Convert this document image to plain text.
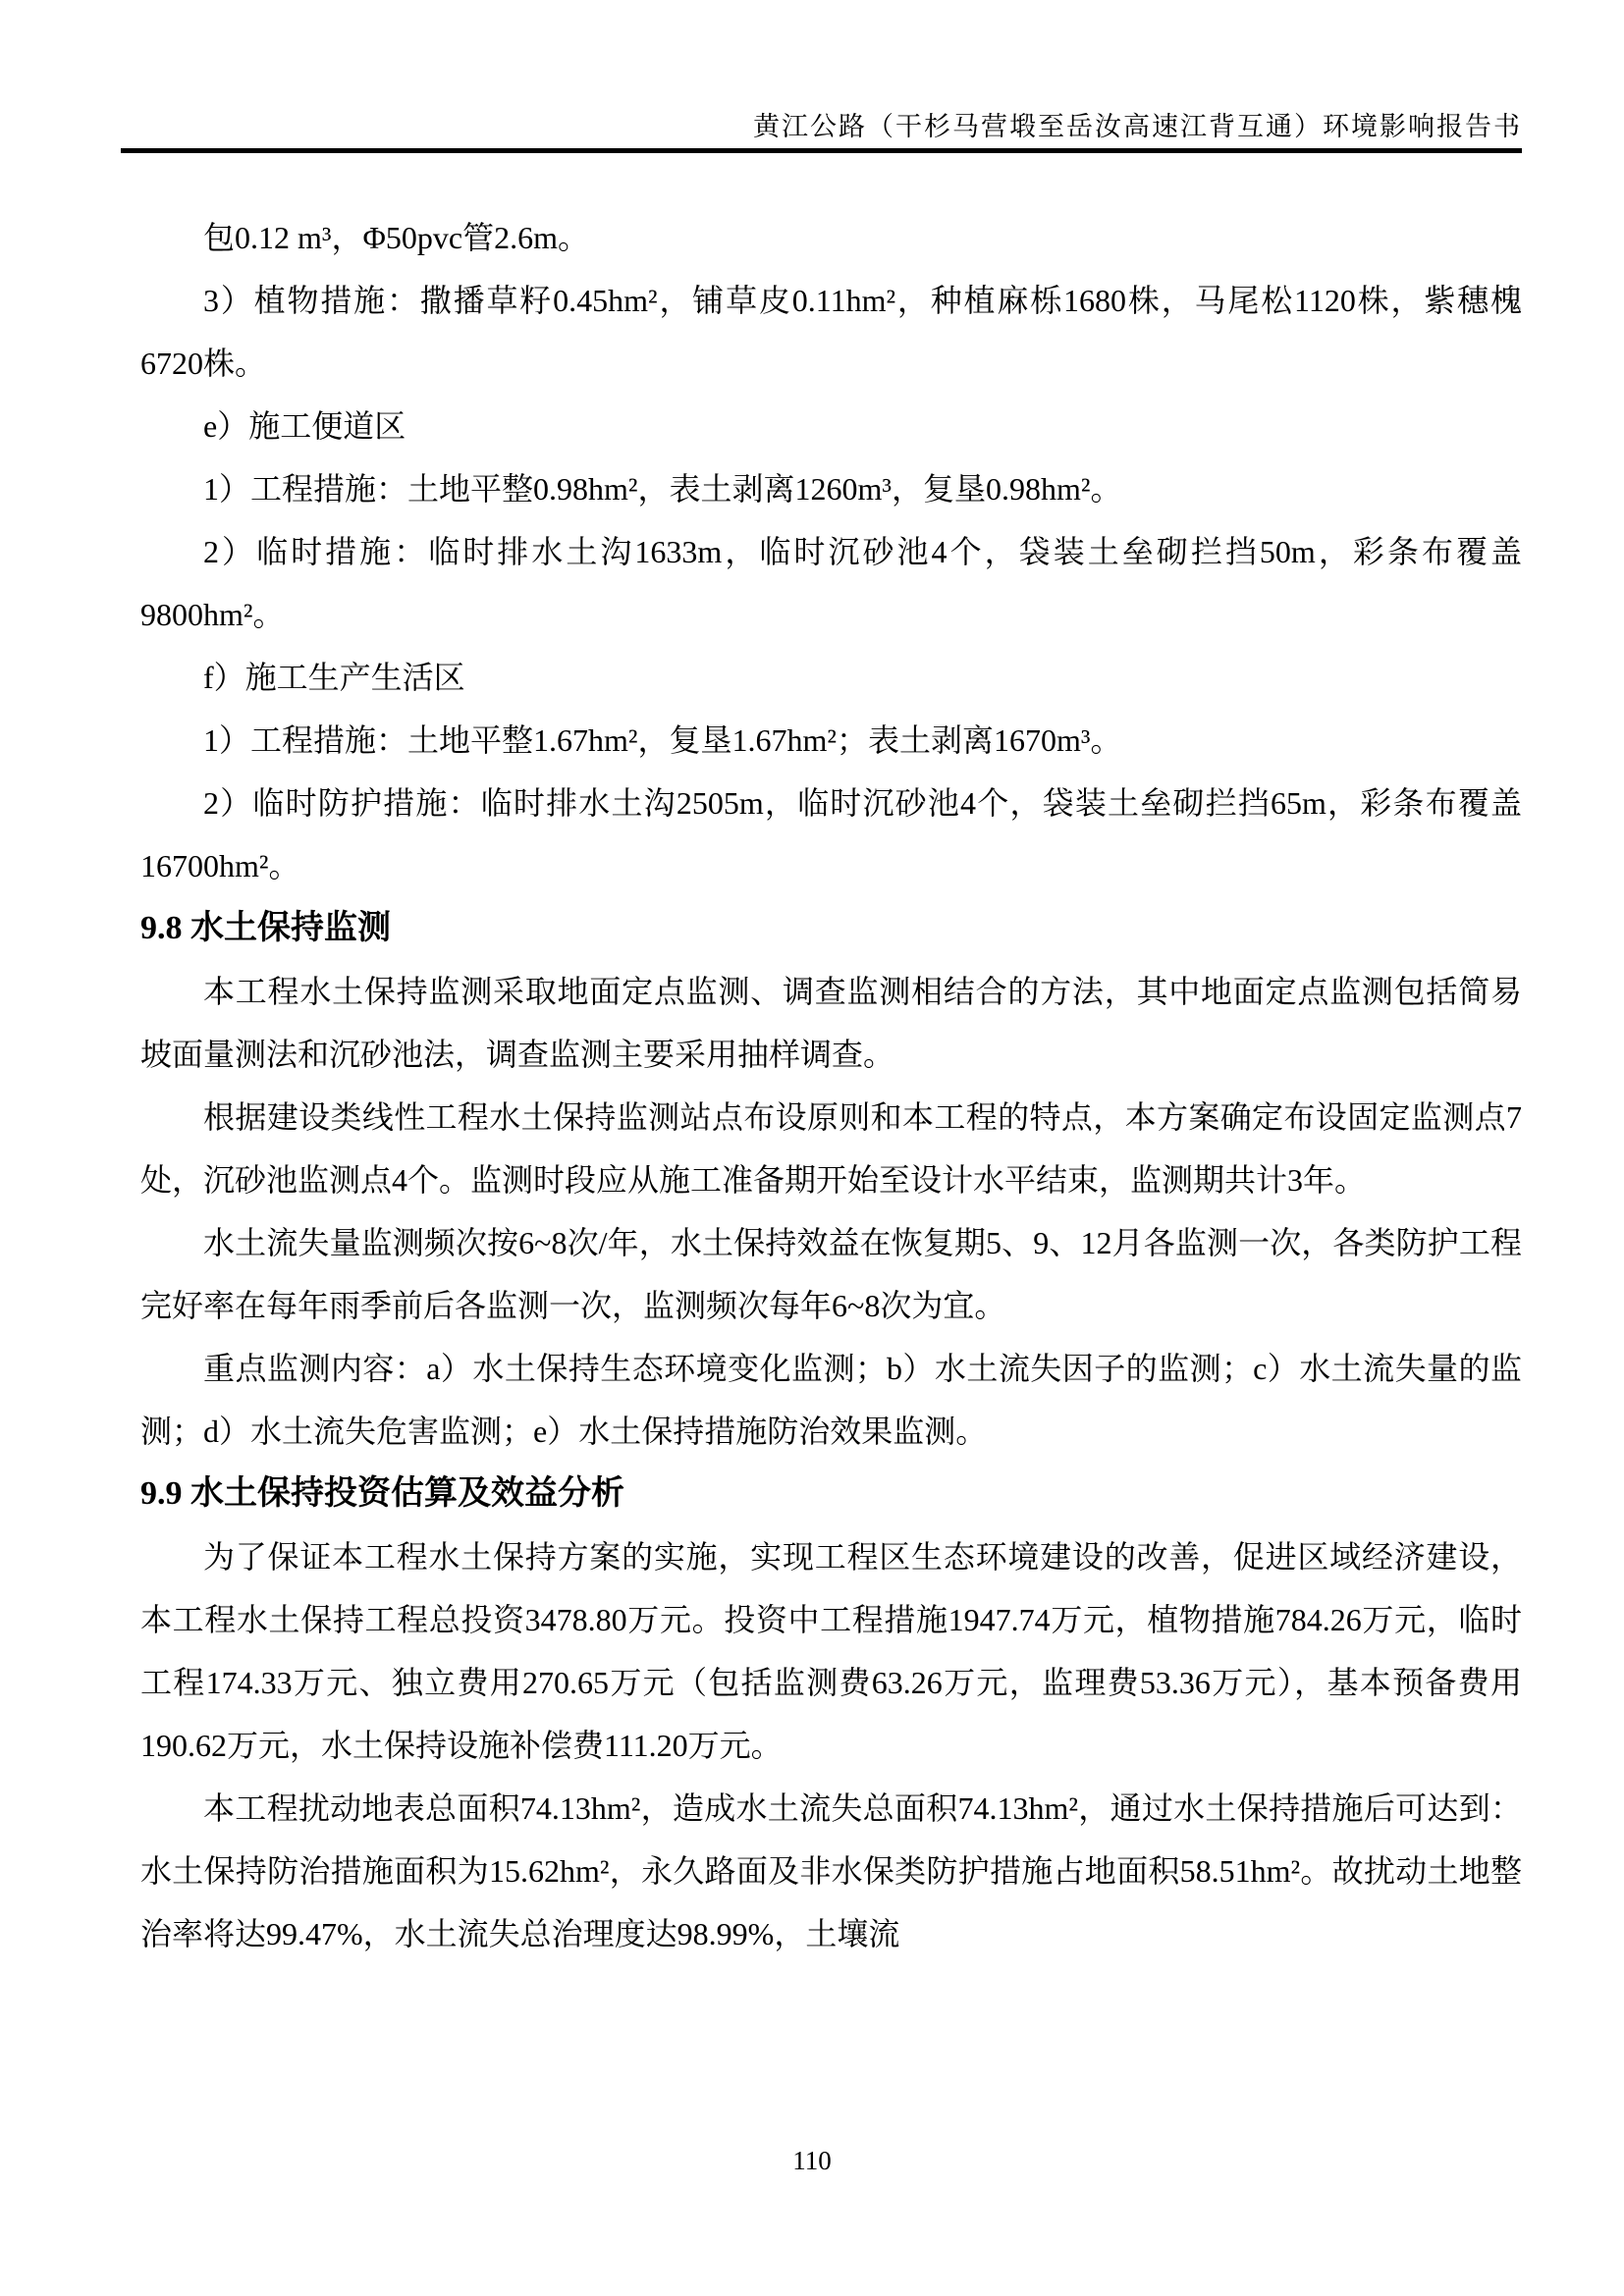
黄江公路（干杉马营塅至岳汝高速江背互通）环境影响报告书

包0.12 m³，Φ50pvc管2.6m。

3）植物措施：撒播草籽0.45hm²，铺草皮0.11hm²，种植麻栎1680株，马尾松1120株，紫穗槐6720株。

e）施工便道区

1）工程措施：土地平整0.98hm²，表土剥离1260m³，复垦0.98hm²。

2）临时措施：临时排水土沟1633m，临时沉砂池4个，袋装土垒砌拦挡50m，彩条布覆盖9800hm²。

f）施工生产生活区

1）工程措施：土地平整1.67hm²，复垦1.67hm²；表土剥离1670m³。

2）临时防护措施：临时排水土沟2505m，临时沉砂池4个，袋装土垒砌拦挡65m，彩条布覆盖16700hm²。

9.8 水土保持监测

本工程水土保持监测采取地面定点监测、调查监测相结合的方法，其中地面定点监测包括简易坡面量测法和沉砂池法，调查监测主要采用抽样调查。

根据建设类线性工程水土保持监测站点布设原则和本工程的特点，本方案确定布设固定监测点7处，沉砂池监测点4个。监测时段应从施工准备期开始至设计水平结束，监测期共计3年。

水土流失量监测频次按6~8次/年，水土保持效益在恢复期5、9、12月各监测一次，各类防护工程完好率在每年雨季前后各监测一次，监测频次每年6~8次为宜。

重点监测内容：a）水土保持生态环境变化监测；b）水土流失因子的监测；c）水土流失量的监测；d）水土流失危害监测；e）水土保持措施防治效果监测。

9.9 水土保持投资估算及效益分析

为了保证本工程水土保持方案的实施，实现工程区生态环境建设的改善，促进区域经济建设，本工程水土保持工程总投资3478.80万元。投资中工程措施1947.74万元，植物措施784.26万元，临时工程174.33万元、独立费用270.65万元（包括监测费63.26万元，监理费53.36万元），基本预备费用190.62万元，水土保持设施补偿费111.20万元。

本工程扰动地表总面积74.13hm²，造成水土流失总面积74.13hm²，通过水土保持措施后可达到：水土保持防治措施面积为15.62hm²，永久路面及非水保类防护措施占地面积58.51hm²。故扰动土地整治率将达99.47%，水土流失总治理度达98.99%，土壤流

110
